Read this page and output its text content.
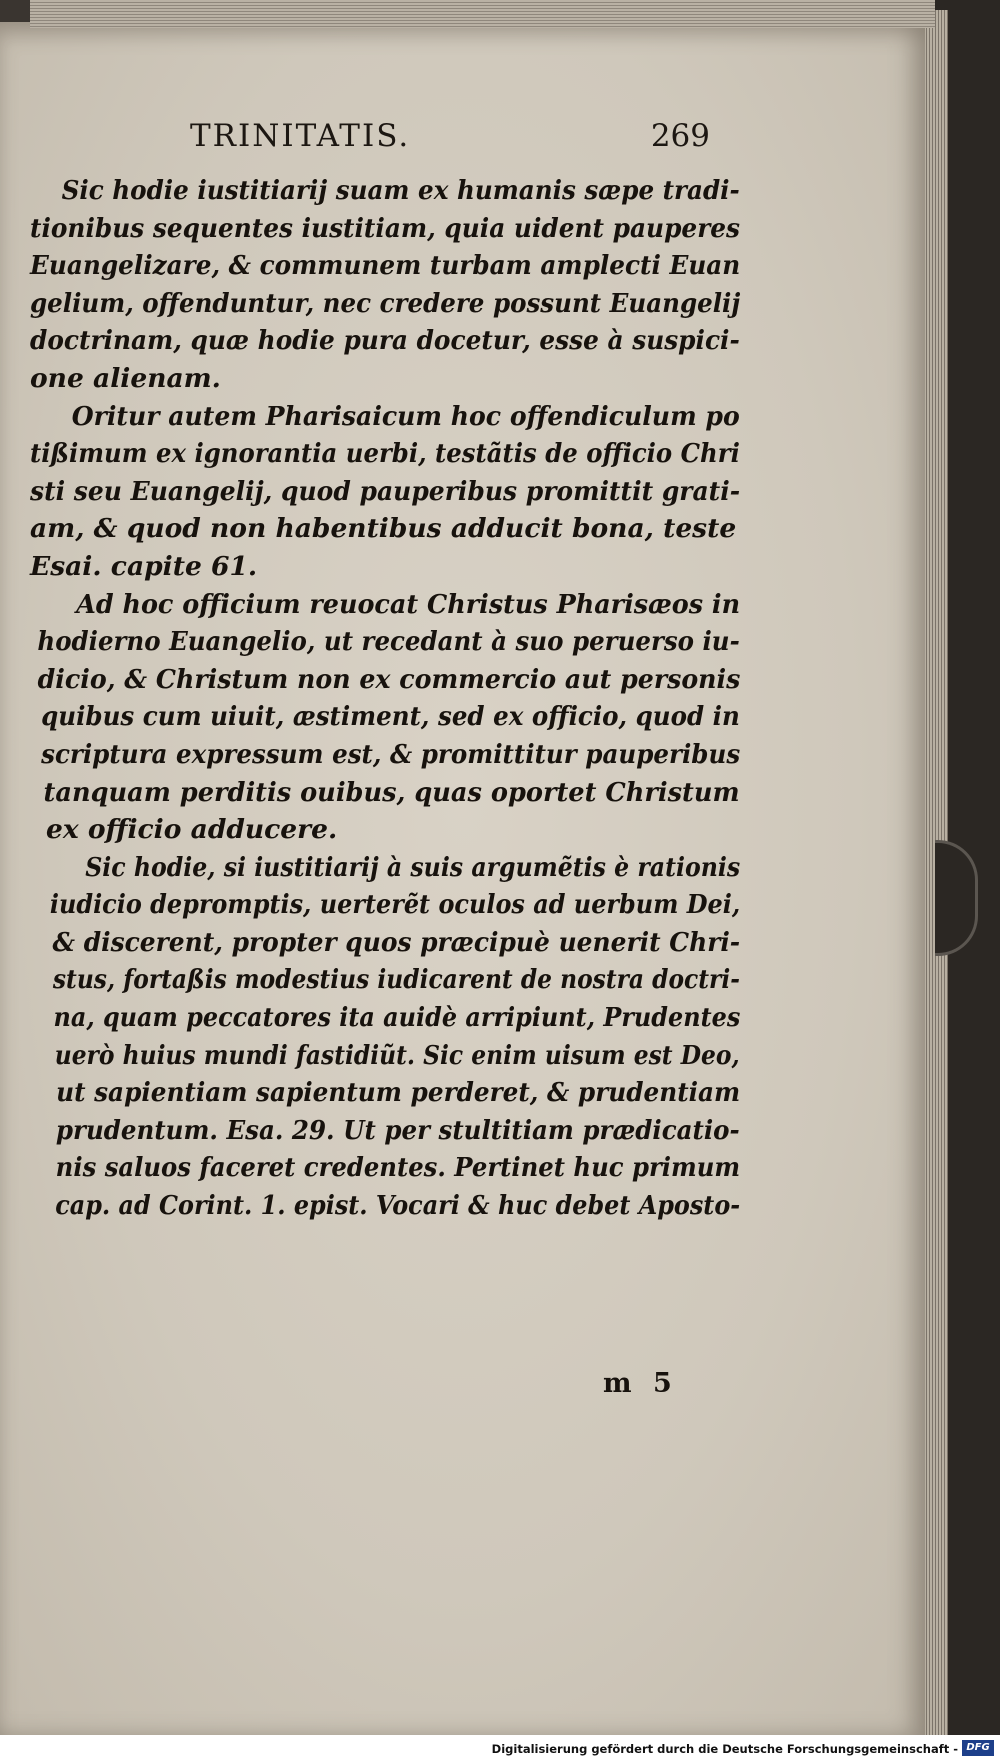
TRINITATIS.	269
Sic hodie iustitiarij suam ex humanis sæpe tradi-
tionibus sequentes iustitiam, quia uident pauperes
Euangelizare, & communem turbam amplecti Euan
gelium, offenduntur, nec credere possunt Euangelij
doctrinam, quæ hodie pura docetur, esse à suspici-
one alienam.
Oritur autem Pharisaicum hoc offendiculum po
tißimum ex ignorantia uerbi, testãtis de officio Chri
sti seu Euangelij, quod pauperibus promittit grati-
am, & quod non habentibus adducit bona, teste
Esai. capite 61.
Ad hoc officium reuocat Christus Pharisæos in
hodierno Euangelio, ut recedant à suo peruerso iu-
dicio, & Christum non ex commercio aut personis
quibus cum uiuit, æstiment, sed ex officio, quod in
scriptura expressum est, & promittitur pauperibus
tanquam perditis ouibus, quas oportet Christum
ex officio adducere.
Sic hodie, si iustitiarij à suis argumẽtis è rationis
iudicio depromptis, uerterẽt oculos ad uerbum Dei,
& discerent, propter quos præcipuè uenerit Chri-
stus, fortaßis modestius iudicarent de nostra doctri-
na, quam peccatores ita auidè arripiunt, Prudentes
uerò huius mundi fastidiũt. Sic enim uisum est Deo,
ut sapientiam sapientum perderet, & prudentiam
prudentum. Esa. 29. Ut per stultitiam prædicatio-
nis saluos faceret credentes. Pertinet huc primum
cap. ad Corint. 1. epist. Vocari & huc debet Aposto-
m 5
Digitalisierung gefördert durch die Deutsche Forschungsgemeinschaft - DFG
